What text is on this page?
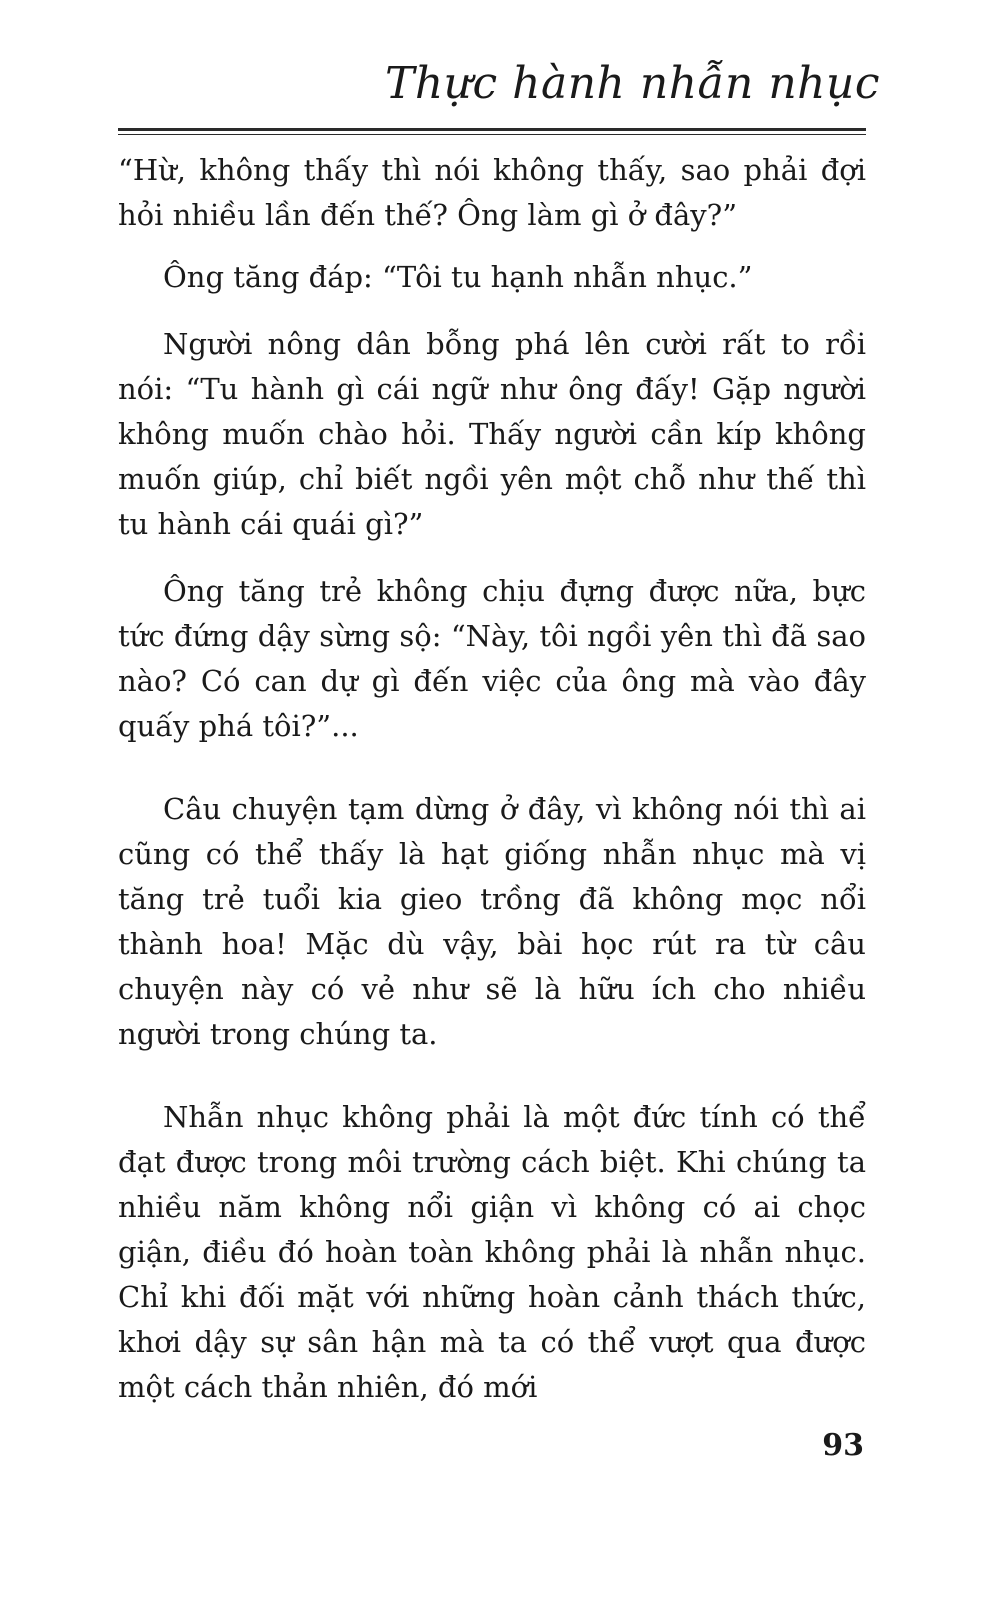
Thực hành nhẫn nhục

“Hừ, không thấy thì nói không thấy, sao phải đợi hỏi nhiều lần đến thế? Ông làm gì ở đây?”

Ông tăng đáp: “Tôi tu hạnh nhẫn nhục.”

Người nông dân bỗng phá lên cười rất to rồi nói: “Tu hành gì cái ngữ như ông đấy! Gặp người không muốn chào hỏi. Thấy người cần kíp không muốn giúp, chỉ biết ngồi yên một chỗ như thế thì tu hành cái quái gì?”

Ông tăng trẻ không chịu đựng được nữa, bực tức đứng dậy sừng sộ: “Này, tôi ngồi yên thì đã sao nào? Có can dự gì đến việc của ông mà vào đây quấy phá tôi?”...

Câu chuyện tạm dừng ở đây, vì không nói thì ai cũng có thể thấy là hạt giống nhẫn nhục mà vị tăng trẻ tuổi kia gieo trồng đã không mọc nổi thành hoa! Mặc dù vậy, bài học rút ra từ câu chuyện này có vẻ như sẽ là hữu ích cho nhiều người trong chúng ta.

Nhẫn nhục không phải là một đức tính có thể đạt được trong môi trường cách biệt. Khi chúng ta nhiều năm không nổi giận vì không có ai chọc giận, điều đó hoàn toàn không phải là nhẫn nhục. Chỉ khi đối mặt với những hoàn cảnh thách thức, khơi dậy sự sân hận mà ta có thể vượt qua được một cách thản nhiên, đó mới

93
